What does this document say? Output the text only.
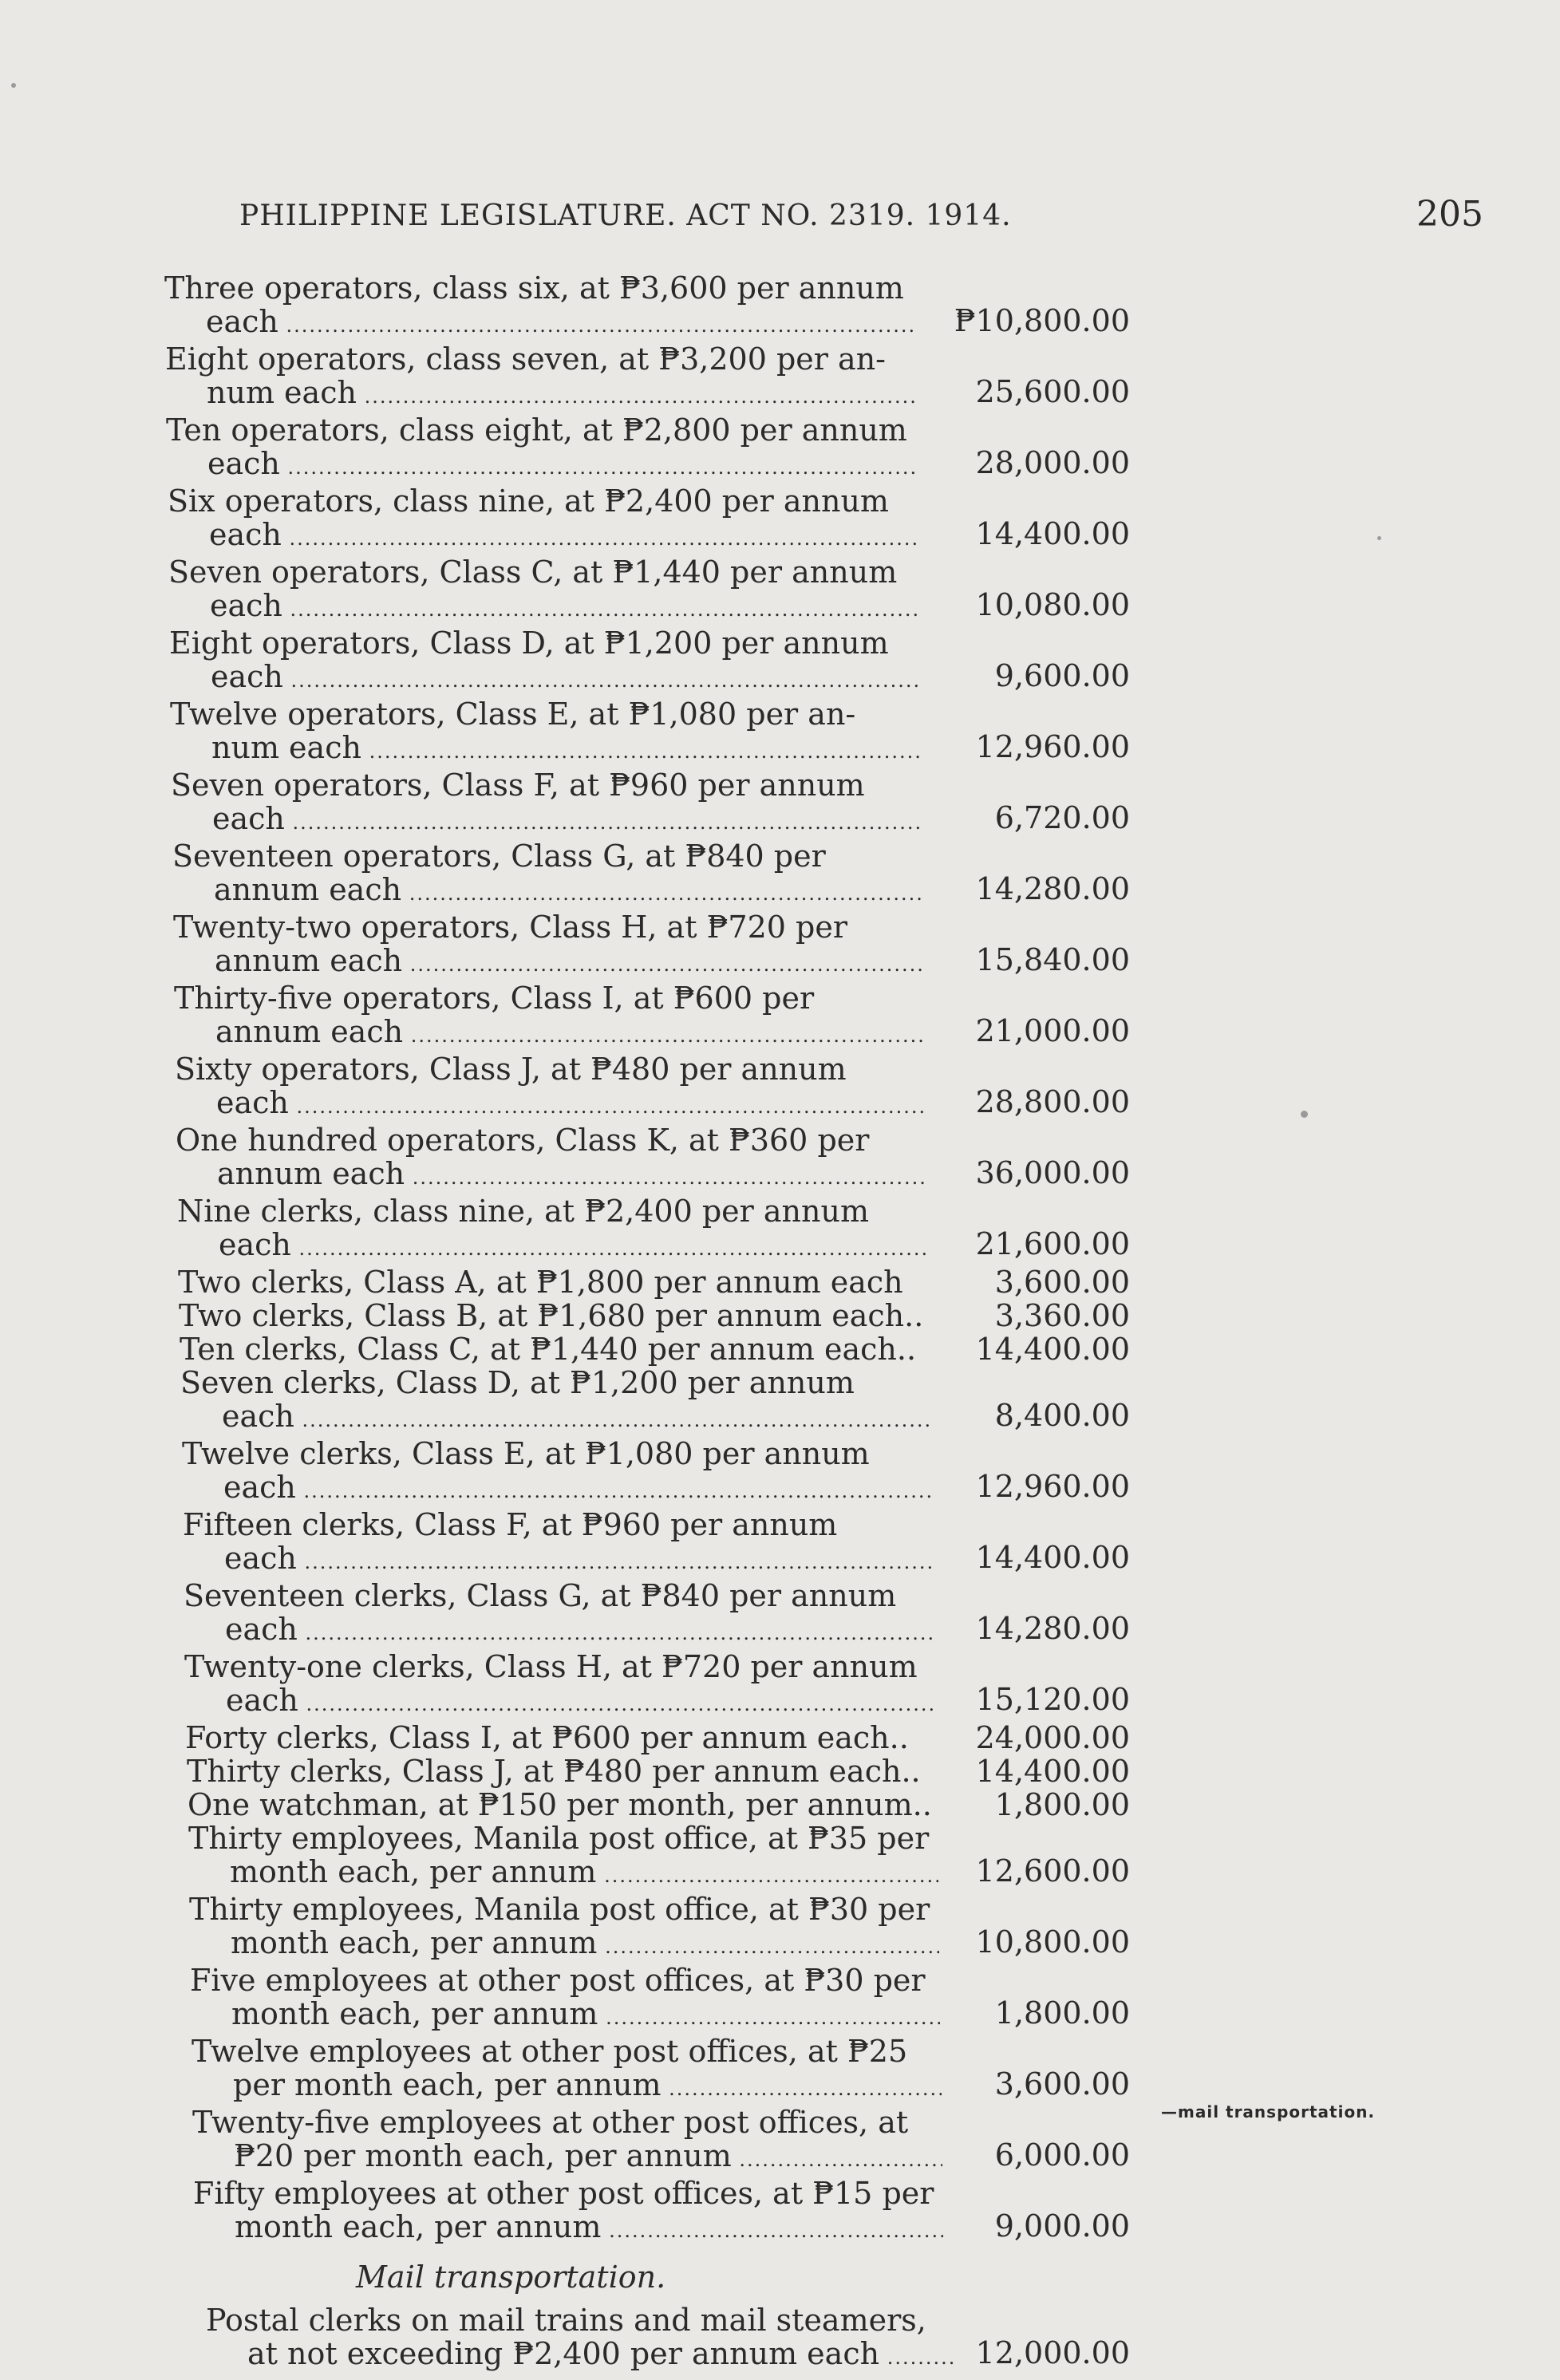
PHILIPPINE LEGISLATURE. ACT NO. 2319. 1914.	205
Three operators, class six, at ₱3,600 per annum
each .....	₱10,800.00
Eight operators, class seven, at ₱3,200 per an-
num each .....	25,600.00
Ten operators, class eight, at ₱2,800 per annum
each .....	28,000.00
Six operators, class nine, at ₱2,400 per annum
each .....	14,400.00
Seven operators, Class C, at ₱1,440 per annum
each .....	10,080.00
Eight operators, Class D, at ₱1,200 per annum
each .....	9,600.00
Twelve operators, Class E, at ₱1,080 per an-
num each .....	12,960.00
Seven operators, Class F, at ₱960 per annum
each .....	6,720.00
Seventeen operators, Class G, at ₱840 per
annum each .....	14,280.00
Twenty-two operators, Class H, at ₱720 per
annum each .....	15,840.00
Thirty-five operators, Class I, at ₱600 per
annum each .....	21,000.00
Sixty operators, Class J, at ₱480 per annum
each .....	28,800.00
One hundred operators, Class K, at ₱360 per
annum each .....	36,000.00
Nine clerks, class nine, at ₱2,400 per annum
each .....	21,600.00
Two clerks, Class A, at ₱1,800 per annum each	3,600.00
Two clerks, Class B, at ₱1,680 per annum each..	3,360.00
Ten clerks, Class C, at ₱1,440 per annum each..	14,400.00
Seven clerks, Class D, at ₱1,200 per annum
each .....	8,400.00
Twelve clerks, Class E, at ₱1,080 per annum
each .....	12,960.00
Fifteen clerks, Class F, at ₱960 per annum
each .....	14,400.00
Seventeen clerks, Class G, at ₱840 per annum
each .....	14,280.00
Twenty-one clerks, Class H, at ₱720 per annum
each .....	15,120.00
Forty clerks, Class I, at ₱600 per annum each..	24,000.00
Thirty clerks, Class J, at ₱480 per annum each..	14,400.00
One watchman, at ₱150 per month, per annum..	1,800.00
Thirty employees, Manila post office, at ₱35 per
month each, per annum .....	12,600.00
Thirty employees, Manila post office, at ₱30 per
month each, per annum .....	10,800.00
Five employees at other post offices, at ₱30 per
month each, per annum .....	1,800.00
Twelve employees at other post offices, at ₱25
per month each, per annum .....	3,600.00
Twenty-five employees at other post offices, at
₱20 per month each, per annum .....	6,000.00
Fifty employees at other post offices, at ₱15 per
month each, per annum .....	9,000.00
Mail transportation.
Postal clerks on mail trains and mail steamers,
at not exceeding ₱2,400 per annum each .....	12,000.00
—mail transportation.
